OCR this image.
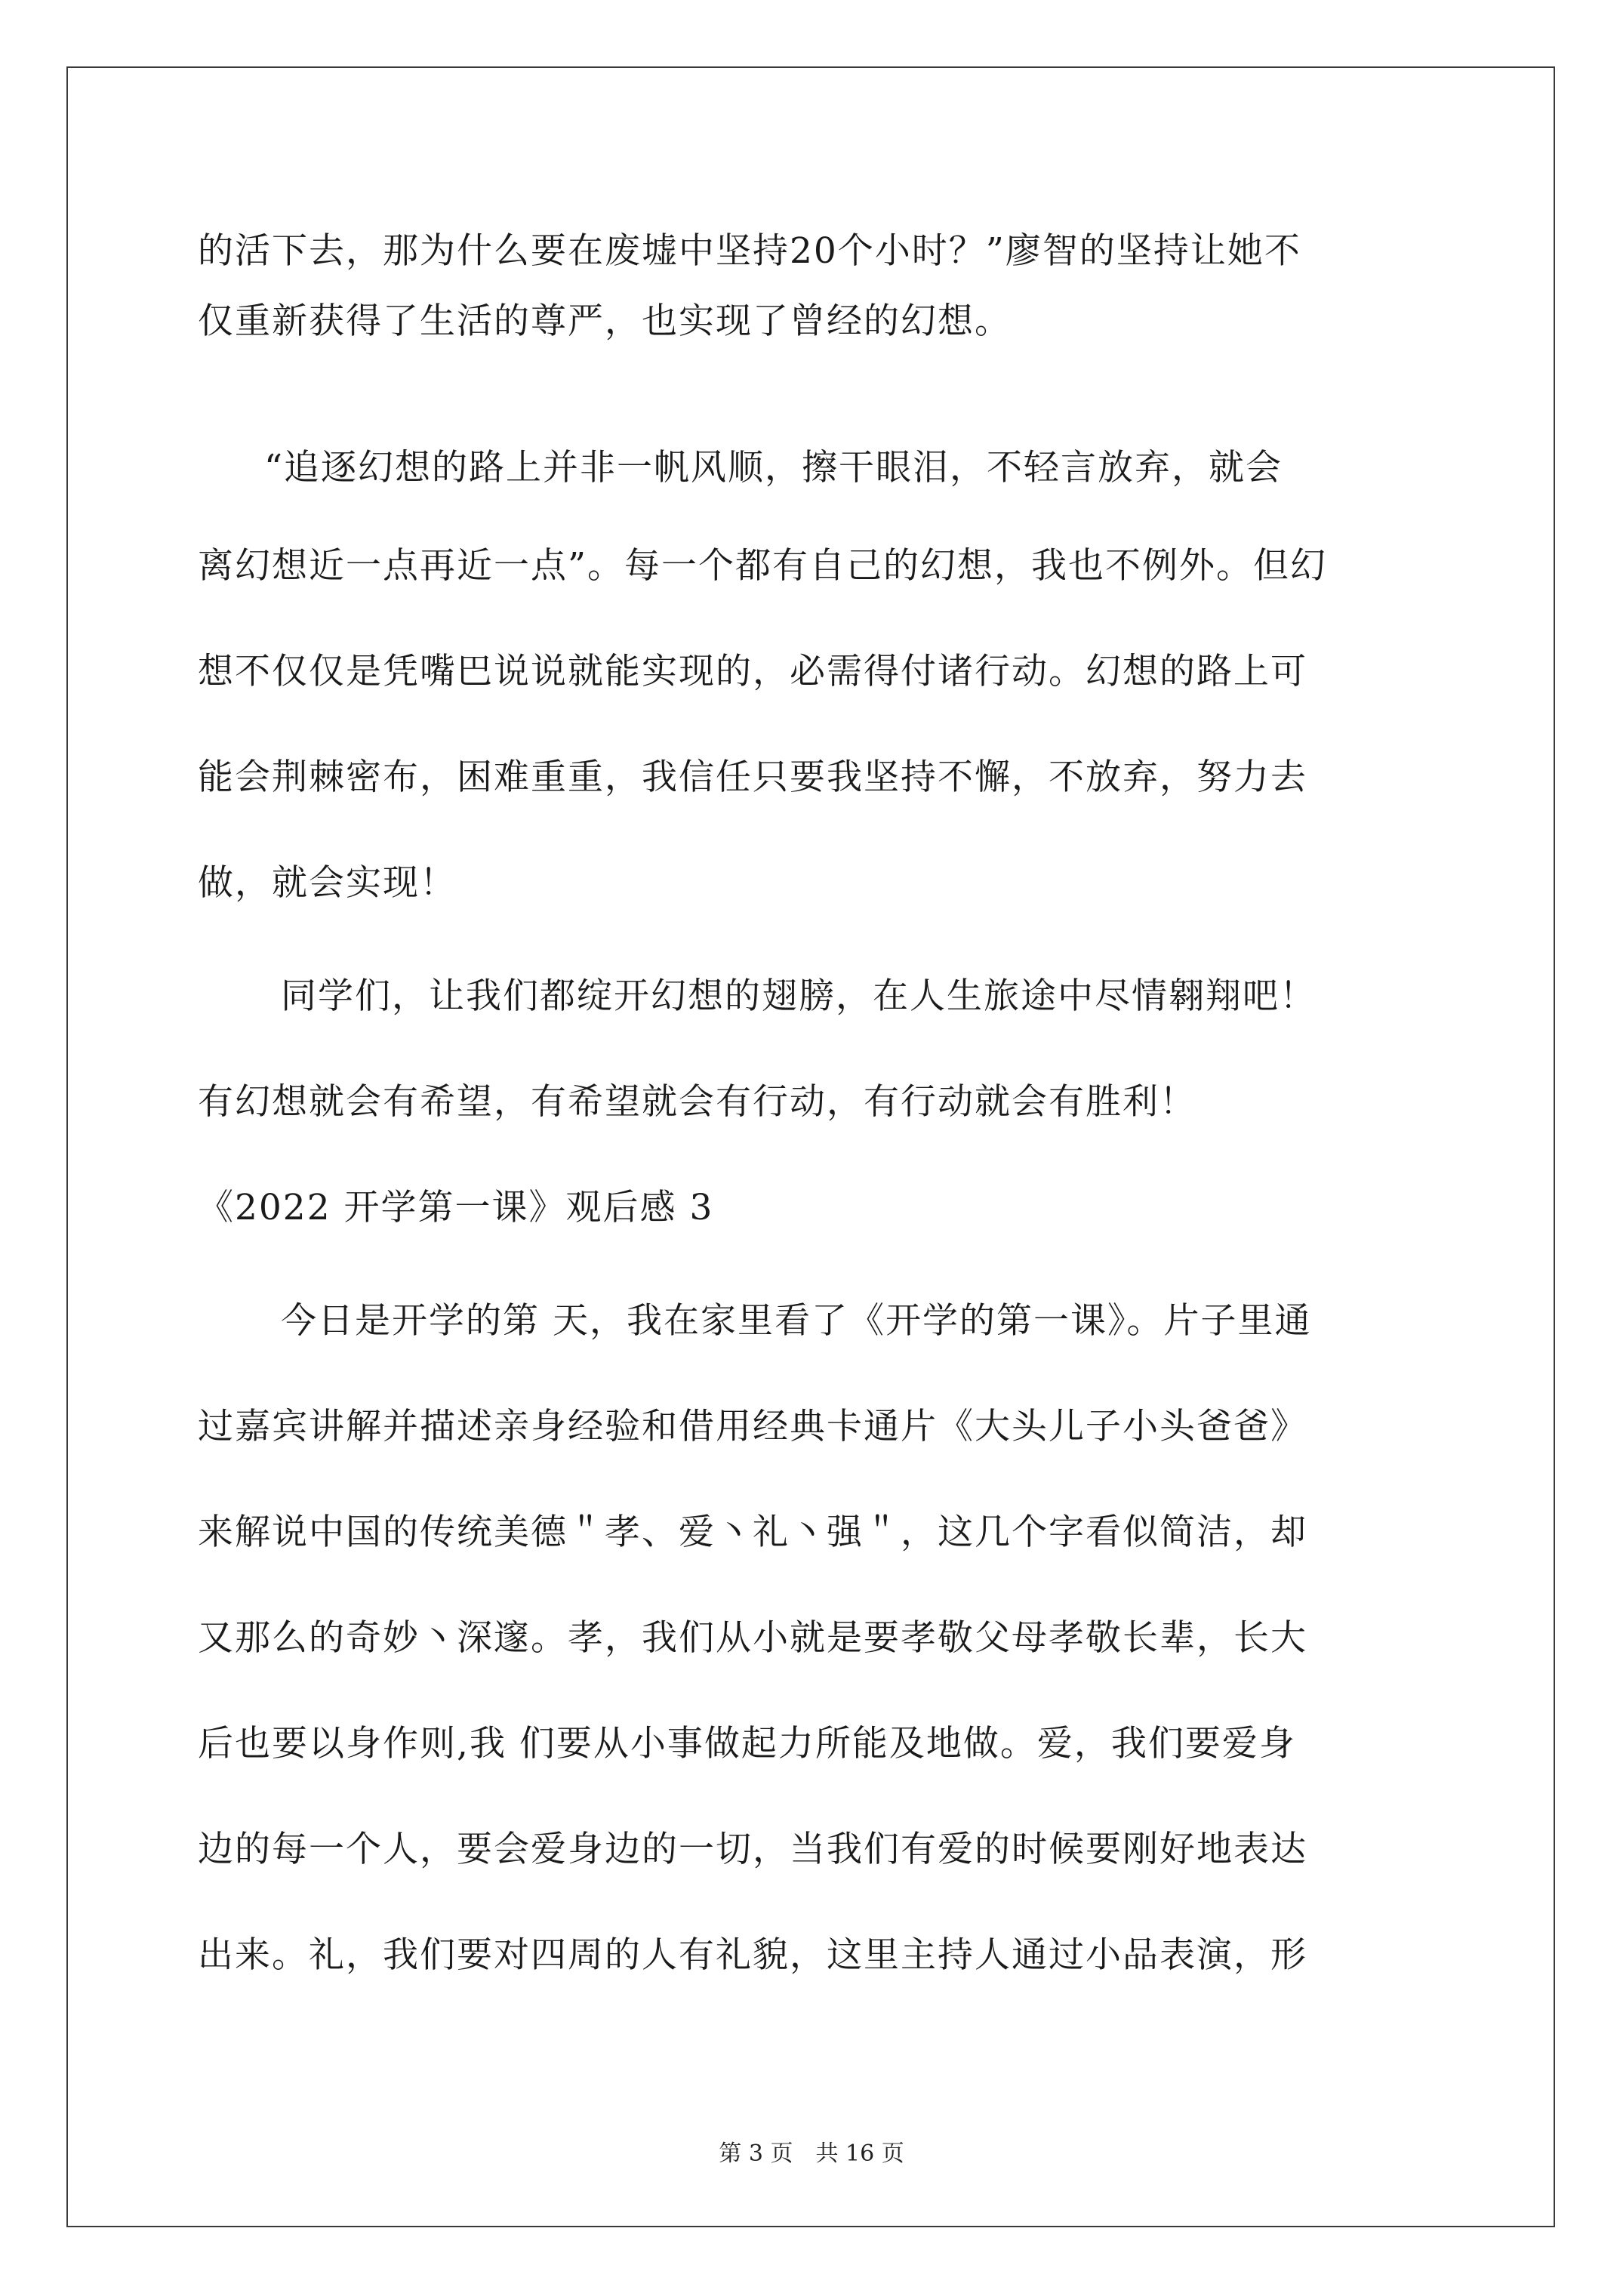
的活下去，那为什么要在废墟中坚持20个小时？”廖智的坚持让她不
仅重新获得了生活的尊严，也实现了曾经的幻想。
“追逐幻想的路上并非一帆风顺，擦干眼泪，不轻言放弃，就会
离幻想近一点再近一点”。每一个都有自己的幻想，我也不例外。但幻
想不仅仅是凭嘴巴说说就能实现的，必需得付诸行动。幻想的路上可
能会荆棘密布，困难重重，我信任只要我坚持不懈，不放弃，努力去
做，就会实现！
同学们，让我们都绽开幻想的翅膀，在人生旅途中尽情翱翔吧！
有幻想就会有希望，有希望就会有行动，有行动就会有胜利！
《2022 开学第一课》观后感 3
今日是开学的第 天，我在家里看了《开学的第一课》。片子里通
过嘉宾讲解并描述亲身经验和借用经典卡通片《大头儿子小头爸爸》
来解说中国的传统美德＂孝、爱丶礼丶强＂，这几个字看似简洁，却
又那么的奇妙丶深邃。孝，我们从小就是要孝敬父母孝敬长辈，长大
后也要以身作则,我 们要从小事做起力所能及地做。爱，我们要爱身
边的每一个人，要会爱身边的一切，当我们有爱的时候要刚好地表达
出来。礼，我们要对四周的人有礼貌，这里主持人通过小品表演，形
第 3 页　共 16 页
